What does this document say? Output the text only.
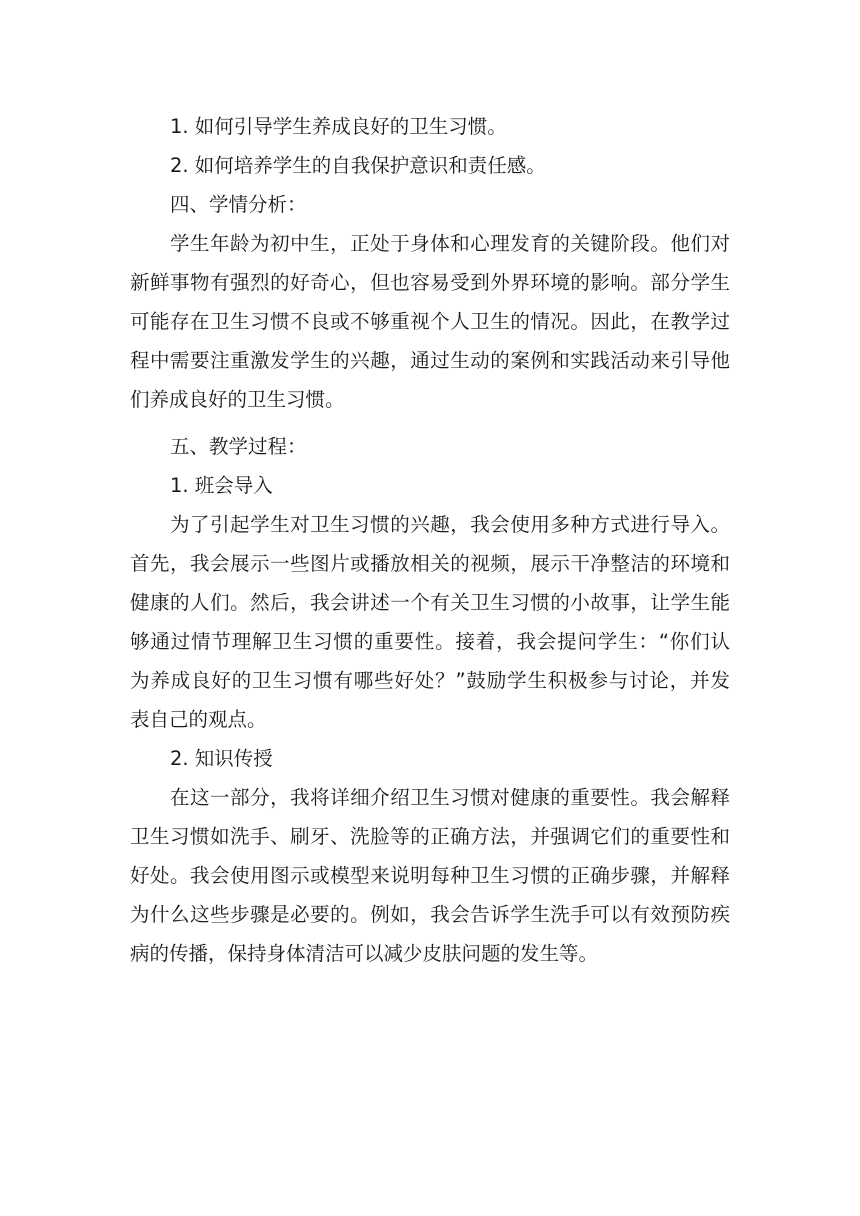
1. 如何引导学生养成良好的卫生习惯。
2. 如何培养学生的自我保护意识和责任感。
四、学情分析：
学生年龄为初中生，正处于身体和心理发育的关键阶段。他们对
新鲜事物有强烈的好奇心，但也容易受到外界环境的影响。部分学生
可能存在卫生习惯不良或不够重视个人卫生的情况。因此，在教学过
程中需要注重激发学生的兴趣，通过生动的案例和实践活动来引导他
们养成良好的卫生习惯。
五、教学过程：
1. 班会导入
为了引起学生对卫生习惯的兴趣，我会使用多种方式进行导入。
首先，我会展示一些图片或播放相关的视频，展示干净整洁的环境和
健康的人们。然后，我会讲述一个有关卫生习惯的小故事，让学生能
够通过情节理解卫生习惯的重要性。接着，我会提问学生：“你们认
为养成良好的卫生习惯有哪些好处？”鼓励学生积极参与讨论，并发
表自己的观点。
2. 知识传授
在这一部分，我将详细介绍卫生习惯对健康的重要性。我会解释
卫生习惯如洗手、刷牙、洗脸等的正确方法，并强调它们的重要性和
好处。我会使用图示或模型来说明每种卫生习惯的正确步骤，并解释
为什么这些步骤是必要的。例如，我会告诉学生洗手可以有效预防疾
病的传播，保持身体清洁可以减少皮肤问题的发生等。
